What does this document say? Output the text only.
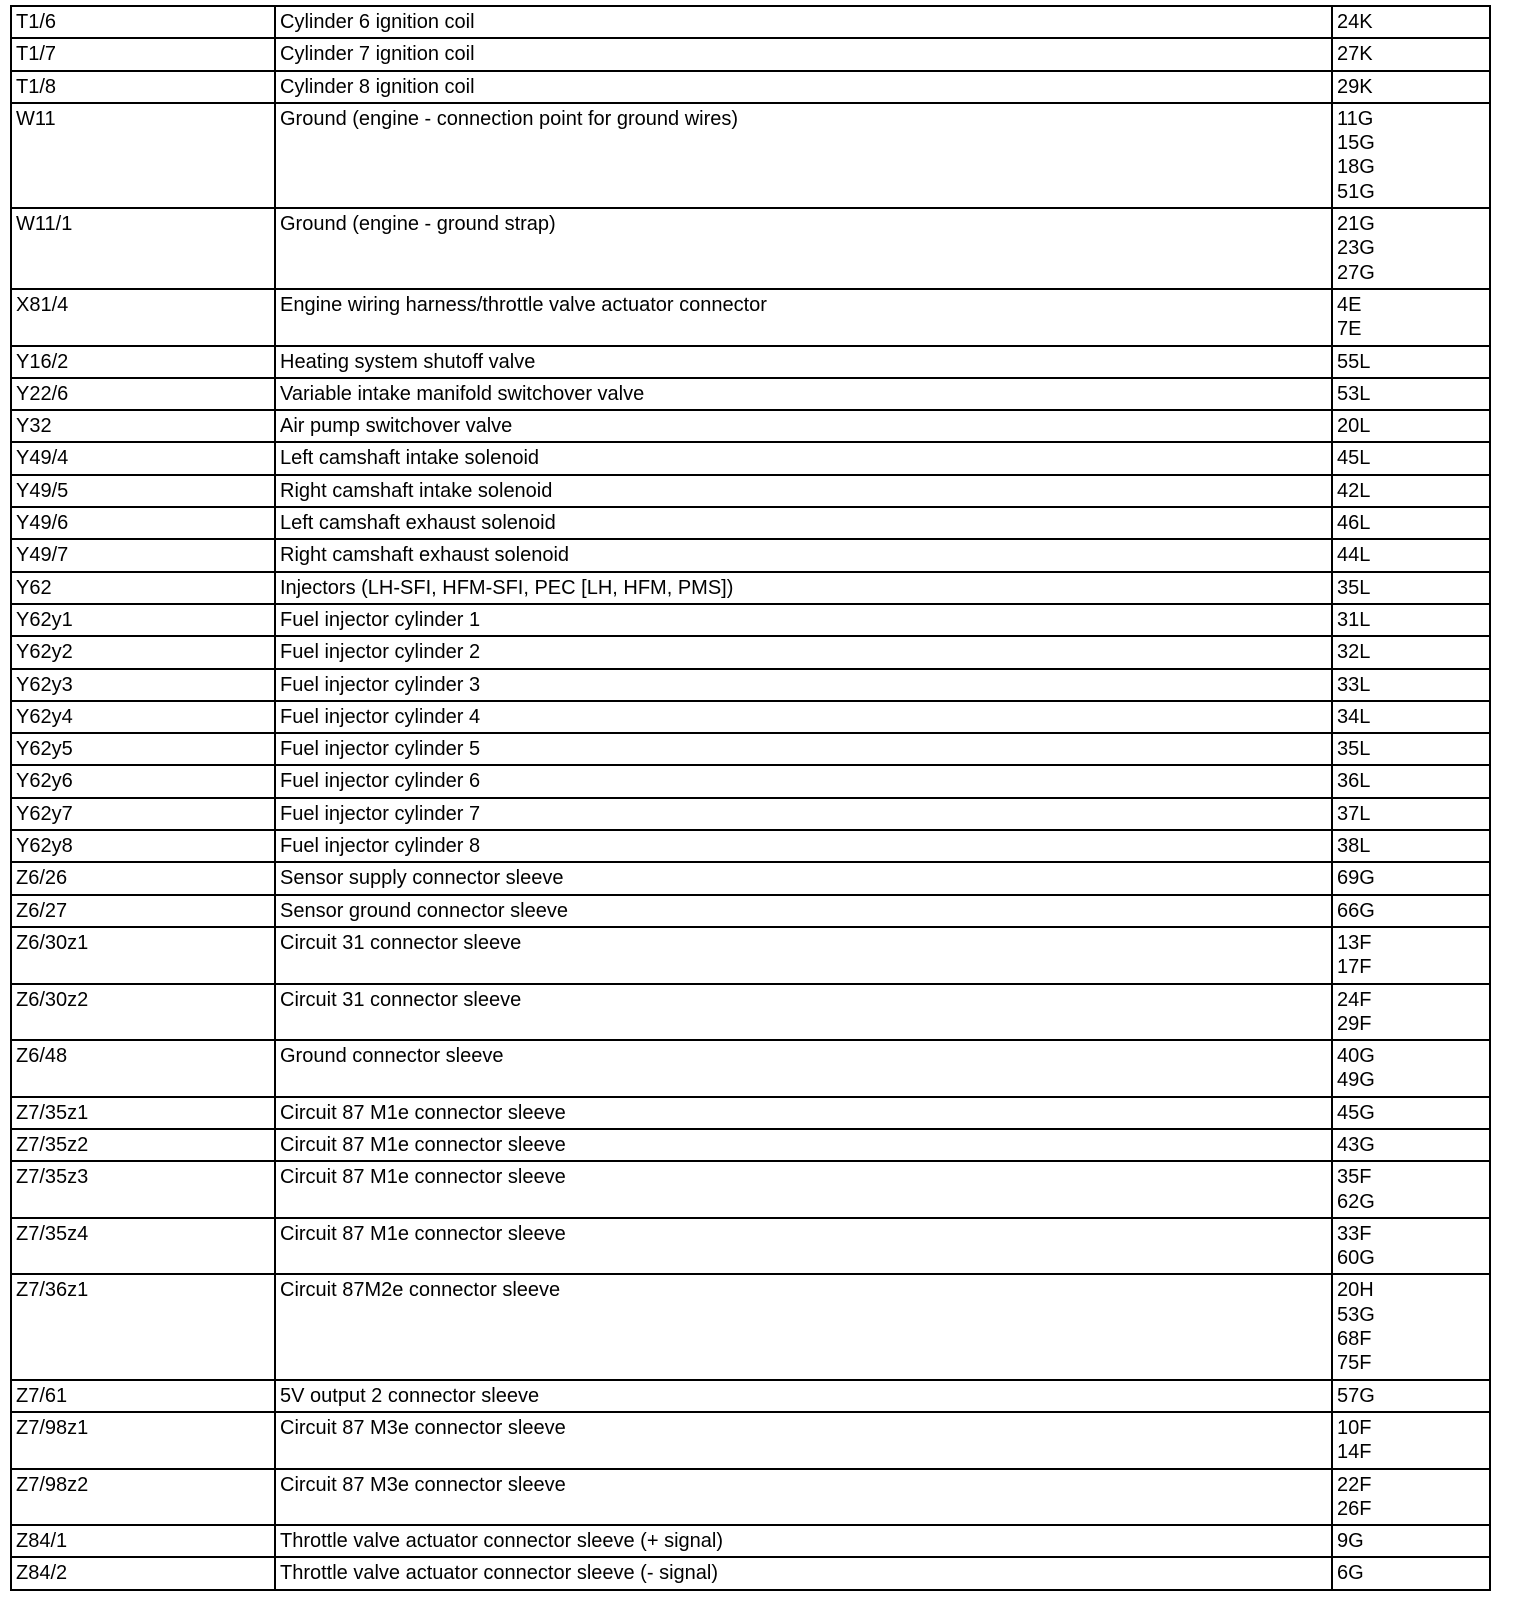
T1/6	Cylinder 6 ignition coil	24K

T1/7	Cylinder 7 ignition coil	27K

T1/8	Cylinder 8 ignition coil	29K

W11	Ground (engine - connection point for ground wires)	11G
15G
18G
51G

W11/1	Ground (engine - ground strap)	21G
23G
27G

X81/4	Engine wiring harness/throttle valve actuator connector	4E
7E

Y16/2	Heating system shutoff valve	55L

Y22/6	Variable intake manifold switchover valve	53L

Y32	Air pump switchover valve	20L

Y49/4	Left camshaft intake solenoid	45L

Y49/5	Right camshaft intake solenoid	42L

Y49/6	Left camshaft exhaust solenoid	46L

Y49/7	Right camshaft exhaust solenoid	44L

Y62	Injectors (LH-SFI, HFM-SFI, PEC [LH, HFM, PMS])	35L

Y62y1	Fuel injector cylinder 1	31L

Y62y2	Fuel injector cylinder 2	32L

Y62y3	Fuel injector cylinder 3	33L

Y62y4	Fuel injector cylinder 4	34L

Y62y5	Fuel injector cylinder 5	35L

Y62y6	Fuel injector cylinder 6	36L

Y62y7	Fuel injector cylinder 7	37L

Y62y8	Fuel injector cylinder 8	38L

Z6/26	Sensor supply connector sleeve	69G

Z6/27	Sensor ground connector sleeve	66G

Z6/30z1	Circuit 31 connector sleeve	13F
17F

Z6/30z2	Circuit 31 connector sleeve	24F
29F

Z6/48	Ground connector sleeve	40G
49G

Z7/35z1	Circuit 87 M1e connector sleeve	45G

Z7/35z2	Circuit 87 M1e connector sleeve	43G

Z7/35z3	Circuit 87 M1e connector sleeve	35F
62G

Z7/35z4	Circuit 87 M1e connector sleeve	33F
60G

Z7/36z1	Circuit 87M2e connector sleeve	20H
53G
68F
75F

Z7/61	5V output 2 connector sleeve	57G

Z7/98z1	Circuit 87 M3e connector sleeve	10F
14F

Z7/98z2	Circuit 87 M3e connector sleeve	22F
26F

Z84/1	Throttle valve actuator connector sleeve (+ signal)	9G

Z84/2	Throttle valve actuator connector sleeve (- signal)	6G
